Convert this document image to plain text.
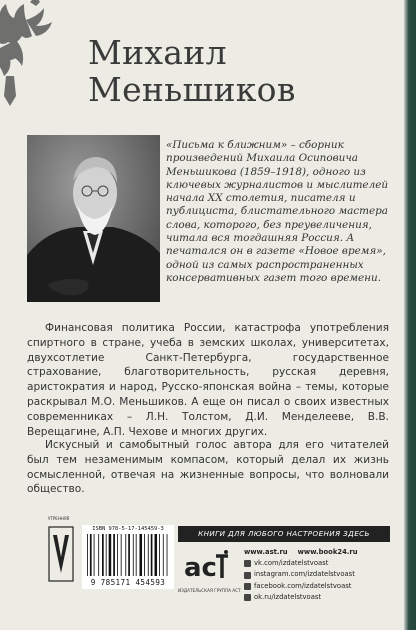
Михаил
Меньшиков
«Письма к ближним» – сборник произведений Михаила Осиповича Меньшикова (1859–1918), одного из ключевых журналистов и мыслителей начала XX столетия, писателя и публициста, блистательного мастера слова, которого, без преувеличения, читала вся тогдашняя Россия. А печатался он в газете «Новое время», одной из самых распространенных консервативных газет того времени.
Финансовая политика России, катастрофа употребления спиртного в стране, учеба в земских школах, университетах, двухсотлетие Санкт-Петербурга, государственное страхование, благотворительность, русская деревня, аристократия и народ, Русско-японская война – темы, которые раскрывал М.О. Меньшиков. А еще он писал о своих известных современниках – Л.Н. Толстом, Д.И. Менделееве, В.В. Верещагине, А.П. Чехове и многих других.
Искусный и самобытный голос автора для его читателей был тем незаменимым компасом, который делал их жизнь осмысленной, отвечая на жизненные вопросы, что волновали общество.
УТРЕННЯЯ
ISBN 978-5-17-145459-3
9 785171 454593
КНИГИ ДЛЯ ЛЮБОГО НАСТРОЕНИЯ ЗДЕСЬ
ас
ИЗДАТЕЛЬСКАЯ ГРУППА АСТ
www.ast.ru www.book24.ru
vk.com/izdatelstvoast
instagram.com/izdatelstvoast
facebook.com/izdatelstvoast
ok.ru/izdatelstvoast
